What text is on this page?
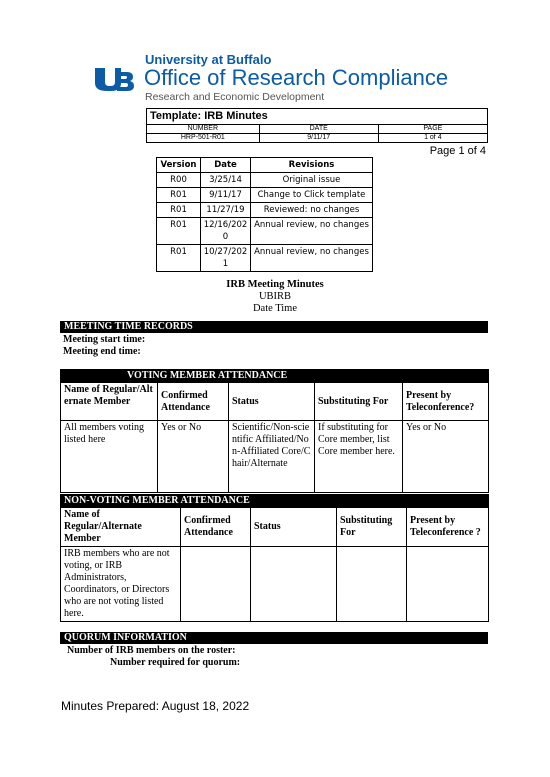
University at Buffalo
Office of Research Compliance
Research and Economic Development
Template: IRB Minutes
NUMBER	DATE	PAGE
HRP-501-R01	9/11/17	1 of 4
Page 1 of 4
Version	Date	Revisions
R00	3/25/14	Original issue
R01	9/11/17	Change to Click template
R01	11/27/19	Reviewed: no changes
R01	12/16/2020	Annual review, no changes
R01	10/27/2021	Annual review, no changes
IRB Meeting Minutes
UBIRB
Date Time
MEETING TIME RECORDS
Meeting start time:
Meeting end time:
VOTING MEMBER ATTENDANCE				
Name of Regular/Alternate Member	Confirmed Attendance	Status	Substituting For	Present by Teleconference?
All members voting listed here	Yes or No	Scientific/Non-scientific Affiliated/Non-Affiliated Core/Chair/Alternate	If substituting for Core member, list Core member here.	Yes or No
NON-VOTING MEMBER ATTENDANCE				
Name of Regular/Alternate Member	Confirmed Attendance	Status	Substituting For	Present by Teleconference ?
IRB members who are not voting, or IRB Administrators, Coordinators, or Directors who are not voting listed here.				
QUORUM INFORMATION
Number of IRB members on the roster:
Number required for quorum:
Minutes Prepared: August 18, 2022
